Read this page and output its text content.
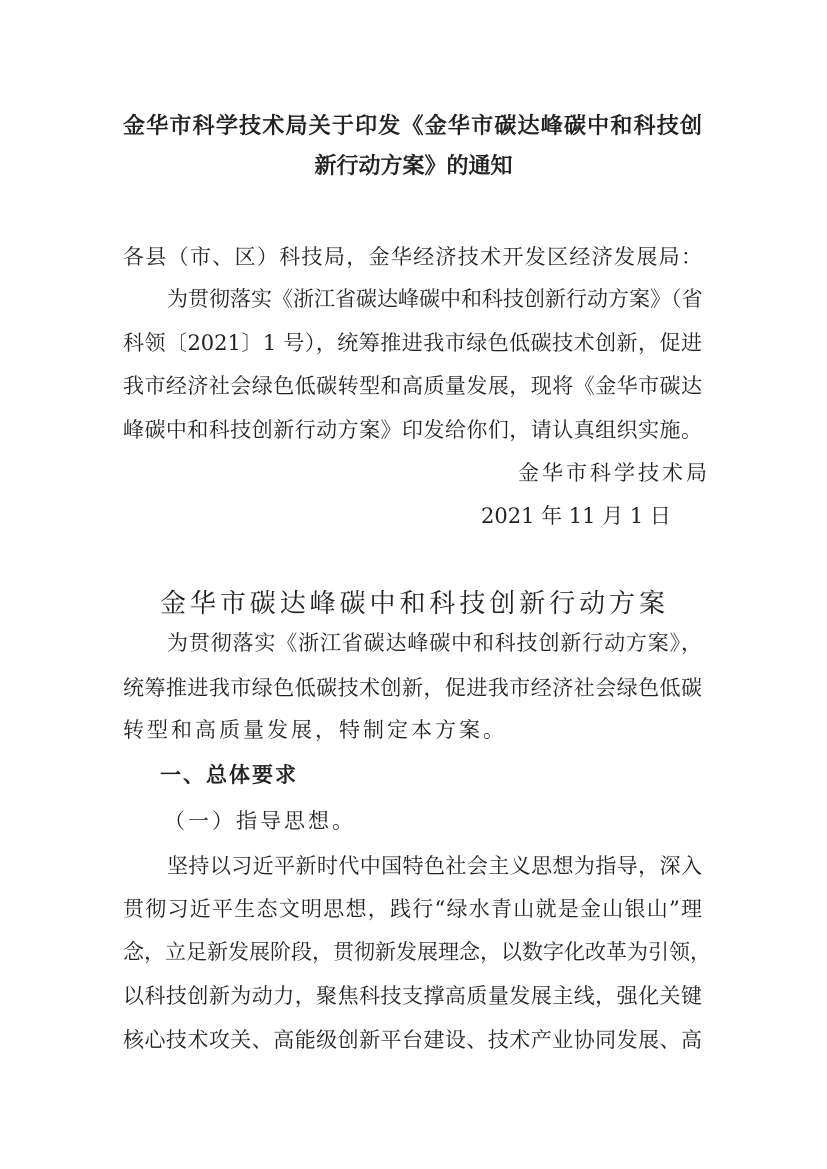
金华市科学技术局关于印发《金华市碳达峰碳中和科技创
新行动方案》的通知
各县（市、区）科技局，金华经济技术开发区经济发展局：
为贯彻落实《浙江省碳达峰碳中和科技创新行动方案》（省
科领〔2021〕1 号），统筹推进我市绿色低碳技术创新，促进
我市经济社会绿色低碳转型和高质量发展，现将《金华市碳达
峰碳中和科技创新行动方案》印发给你们，请认真组织实施。
金华市科学技术局
2021 年 11 月 1 日
金华市碳达峰碳中和科技创新行动方案
为贯彻落实《浙江省碳达峰碳中和科技创新行动方案》，
统筹推进我市绿色低碳技术创新，促进我市经济社会绿色低碳
转型和高质量发展，特制定本方案。
一、总体要求
（一）指导思想。
坚持以习近平新时代中国特色社会主义思想为指导，深入
贯彻习近平生态文明思想，践行“绿水青山就是金山银山”理
念，立足新发展阶段，贯彻新发展理念，以数字化改革为引领，
以科技创新为动力，聚焦科技支撑高质量发展主线，强化关键
核心技术攻关、高能级创新平台建设、技术产业协同发展、高
